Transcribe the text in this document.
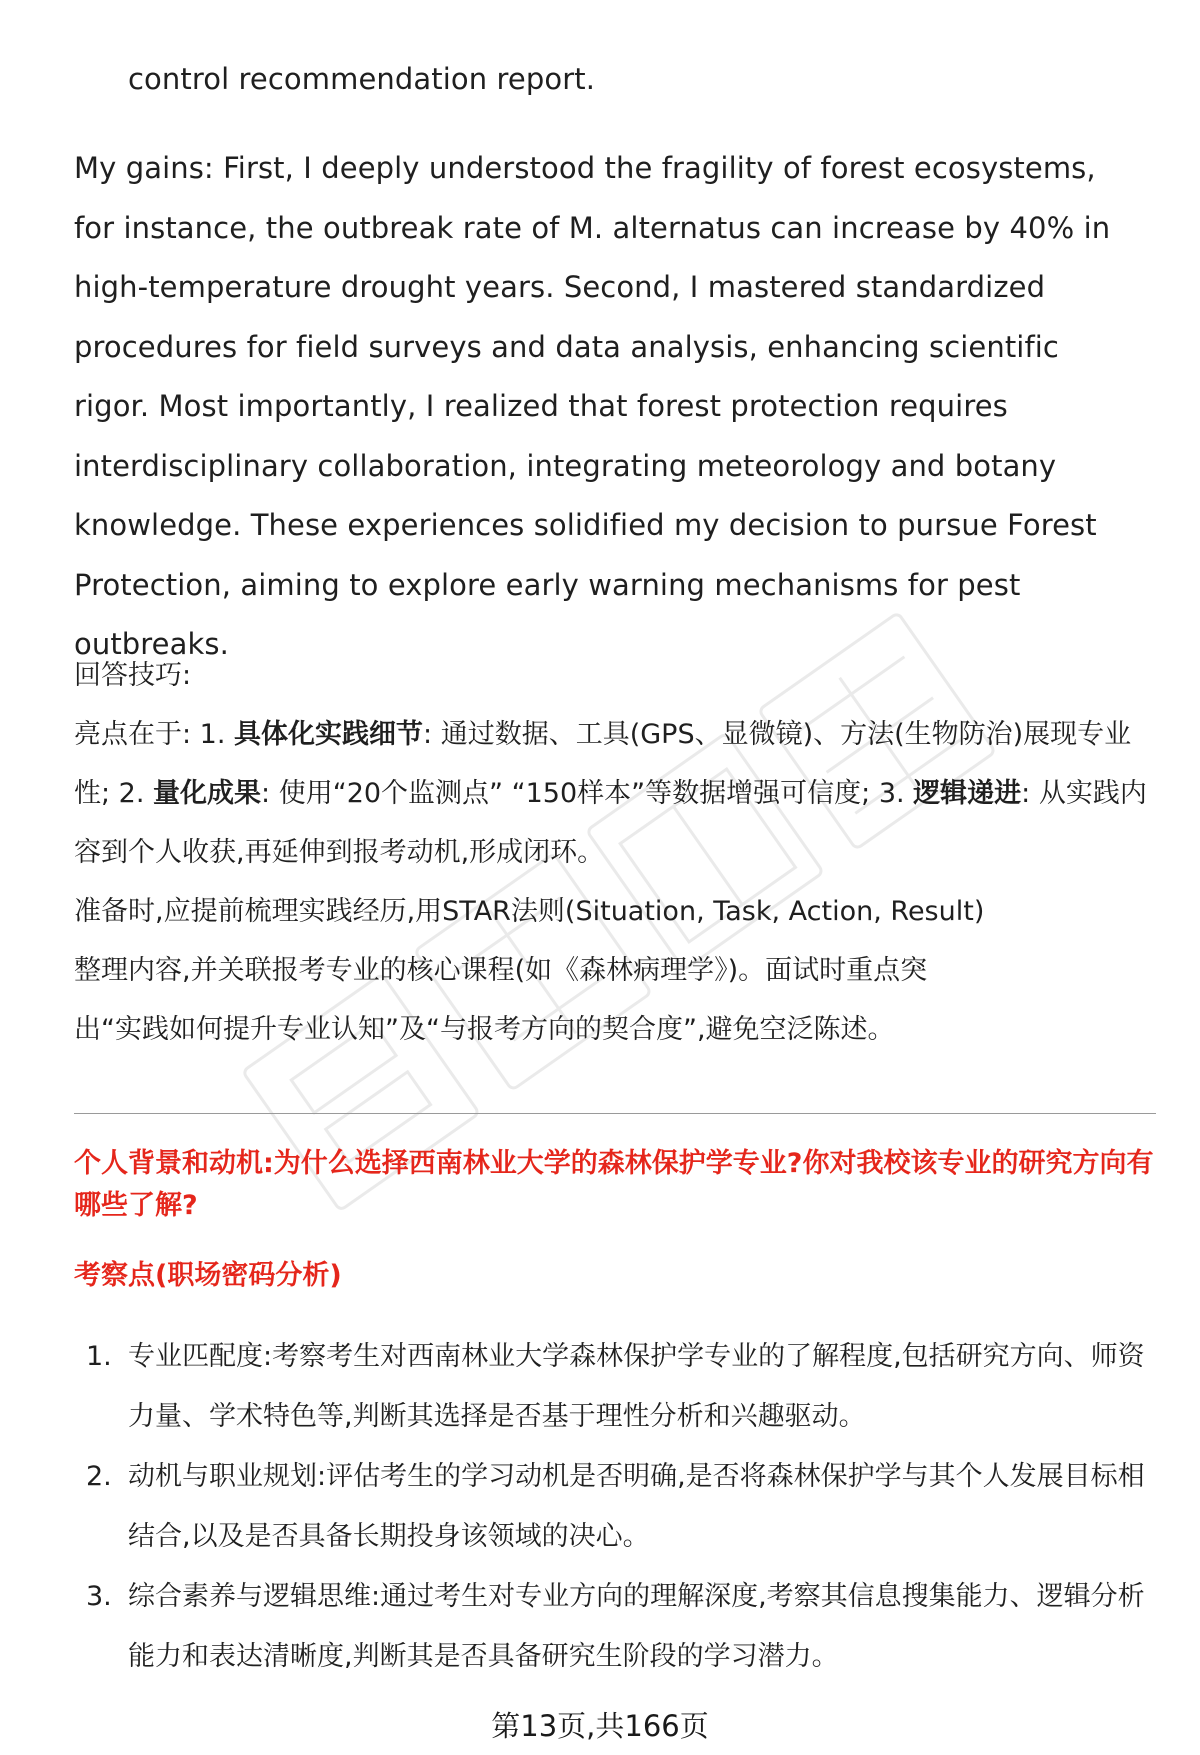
control recommendation report.

My gains: First, I deeply understood the fragility of forest ecosystems, for instance, the outbreak rate of M. alternatus can increase by 40% in high-temperature drought years. Second, I mastered standardized procedures for field surveys and data analysis, enhancing scientific rigor. Most importantly, I realized that forest protection requires interdisciplinary collaboration, integrating meteorology and botany knowledge. These experiences solidified my decision to pursue Forest Protection, aiming to explore early warning mechanisms for pest outbreaks.

回答技巧:

亮点在于: 1. 具体化实践细节: 通过数据、工具(GPS、显微镜)、方法(生物防治)展现专业性; 2. 量化成果: 使用“20个监测点” “150样本”等数据增强可信度; 3. 逻辑递进: 从实践内容到个人收获,再延伸到报考动机,形成闭环。

准备时,应提前梳理实践经历,用STAR法则(Situation, Task, Action, Result)

整理内容,并关联报考专业的核心课程(如《森林病理学》)。面试时重点突

出“实践如何提升专业认知”及“与报考方向的契合度”,避免空泛陈述。

个人背景和动机:为什么选择西南林业大学的森林保护学专业?你对我校该专业的研究方向有哪些了解?

考察点(职场密码分析)

1. 专业匹配度:考察考生对西南林业大学森林保护学专业的了解程度,包括研究方向、师资力量、学术特色等,判断其选择是否基于理性分析和兴趣驱动。
2. 动机与职业规划:评估考生的学习动机是否明确,是否将森林保护学与其个人发展目标相结合,以及是否具备长期投身该领域的决心。
3. 综合素养与逻辑思维:通过考生对专业方向的理解深度,考察其信息搜集能力、逻辑分析能力和表达清晰度,判断其是否具备研究生阶段的学习潜力。
第13页,共166页
